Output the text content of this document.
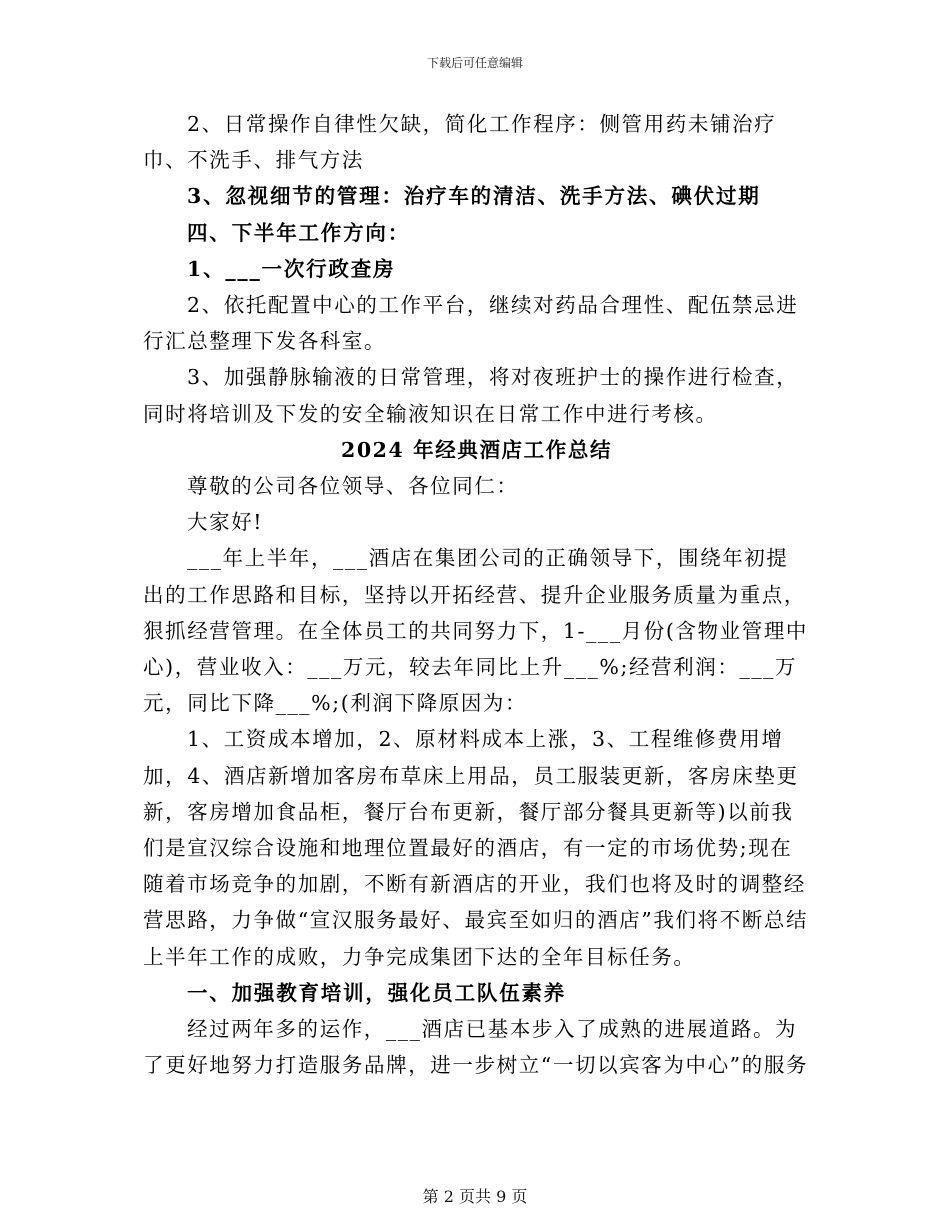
下载后可任意编辑

2、日常操作自律性欠缺，简化工作程序：侧管用药未铺治疗巾、不洗手、排气方法

3、忽视细节的管理：治疗车的清洁、洗手方法、碘伏过期

四、下半年工作方向：

1、___一次行政查房

2、依托配置中心的工作平台，继续对药品合理性、配伍禁忌进行汇总整理下发各科室。

3、加强静脉输液的日常管理，将对夜班护士的操作进行检查，同时将培训及下发的安全输液知识在日常工作中进行考核。

2024 年经典酒店工作总结

尊敬的公司各位领导、各位同仁：

大家好!

___年上半年，___酒店在集团公司的正确领导下，围绕年初提出的工作思路和目标，坚持以开拓经营、提升企业服务质量为重点，狠抓经营管理。在全体员工的共同努力下，1-___月份(含物业管理中心)，营业收入：___万元，较去年同比上升___%;经营利润：___万元，同比下降___%;(利润下降原因为：

1、工资成本增加，2、原材料成本上涨，3、工程维修费用增加，4、酒店新增加客房布草床上用品，员工服装更新，客房床垫更新，客房增加食品柜，餐厅台布更新，餐厅部分餐具更新等)以前我们是宣汉综合设施和地理位置最好的酒店，有一定的市场优势;现在随着市场竞争的加剧，不断有新酒店的开业，我们也将及时的调整经营思路，力争做“宣汉服务最好、最宾至如归的酒店”我们将不断总结上半年工作的成败，力争完成集团下达的全年目标任务。

一、加强教育培训，强化员工队伍素养

经过两年多的运作，___酒店已基本步入了成熟的进展道路。为了更好地努力打造服务品牌，进一步树立“一切以宾客为中心”的服务

第 2 页共 9 页
